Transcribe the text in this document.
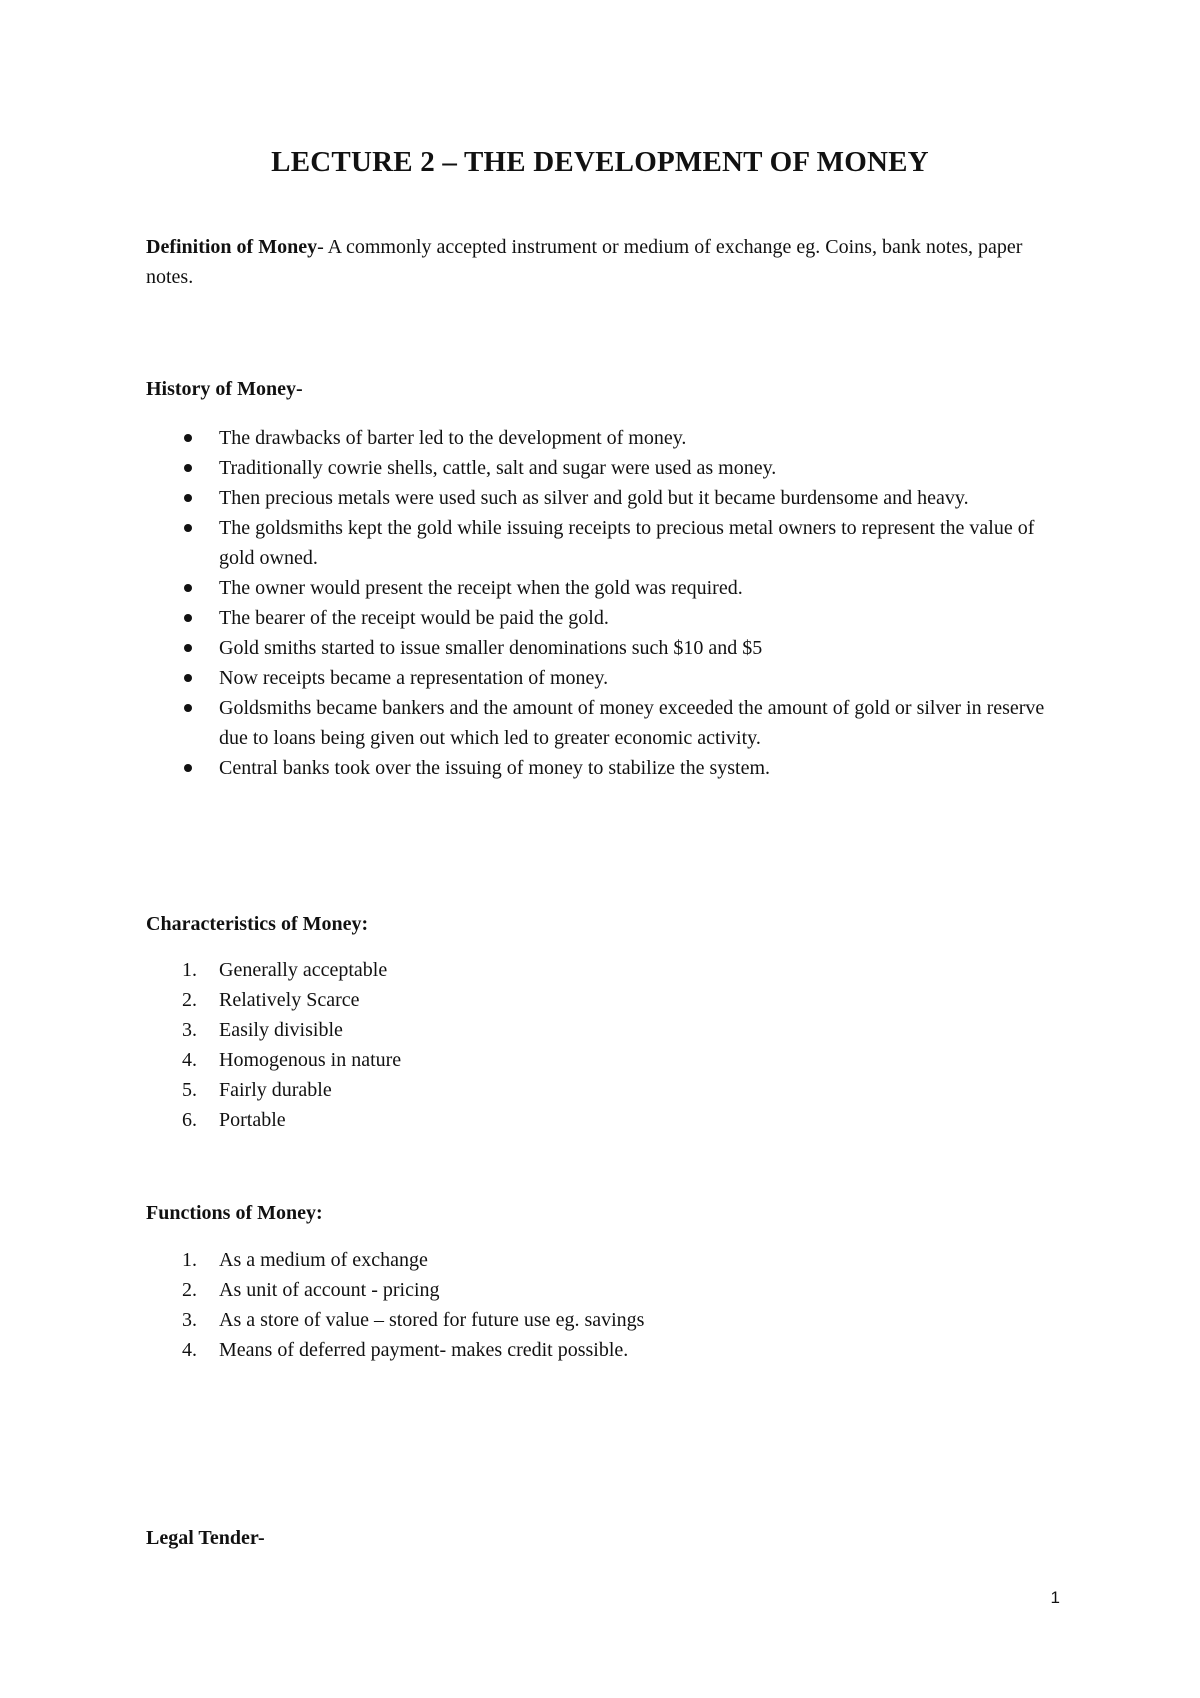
LECTURE 2 – THE DEVELOPMENT OF MONEY
Definition of Money- A commonly accepted instrument or medium of exchange eg. Coins, bank notes, paper notes.
History of Money-
The drawbacks of barter led to the development of money.
Traditionally cowrie shells, cattle, salt and sugar were used as money.
Then precious metals were used such as silver and gold but it became burdensome and heavy.
The goldsmiths kept the gold while issuing receipts to precious metal owners to represent the value of gold owned.
The owner would present the receipt when the gold was required.
The bearer of the receipt would be paid the gold.
Gold smiths started to issue smaller denominations such $10 and $5
Now receipts became a representation of money.
Goldsmiths became bankers and the amount of money exceeded the amount of gold or silver in reserve due to loans being given out which led to greater economic activity.
Central banks took over the issuing of money to stabilize the system.
Characteristics of Money:
1. Generally acceptable
2. Relatively Scarce
3. Easily divisible
4. Homogenous in nature
5. Fairly durable
6. Portable
Functions of Money:
1. As a medium of exchange
2. As unit of account - pricing
3. As a store of value – stored for future use eg. savings
4. Means of deferred payment- makes credit possible.
Legal Tender-
1
